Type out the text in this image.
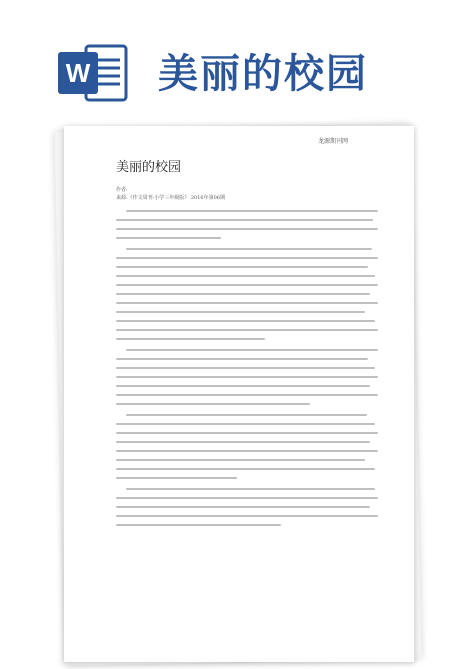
W 美丽的校园
龙源期刊网
美丽的校园
作者:
来源:《作文周刊·小学三年级版》 2016年第06期
